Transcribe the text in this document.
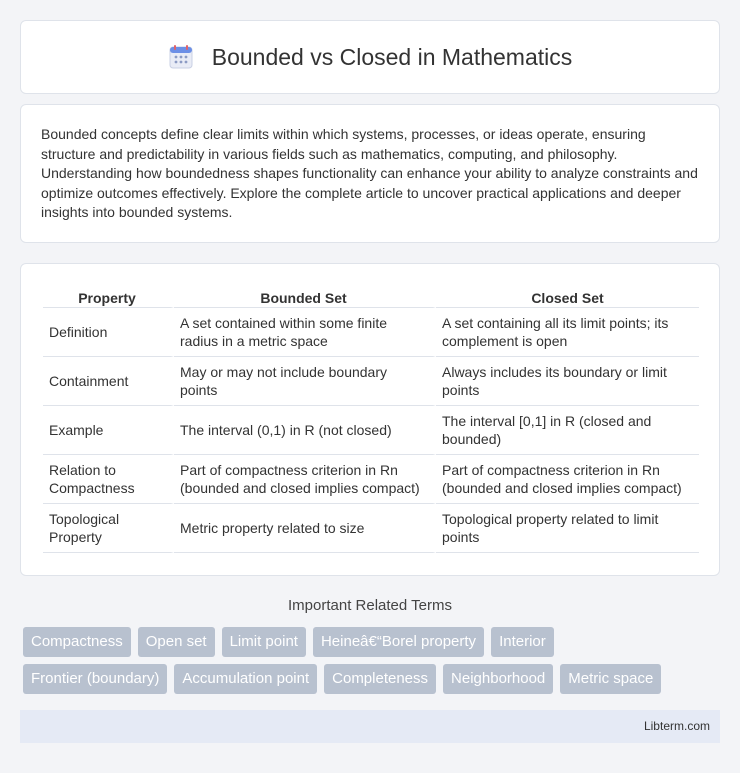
Bounded vs Closed in Mathematics

Bounded concepts define clear limits within which systems, processes, or ideas operate, ensuring structure and predictability in various fields such as mathematics, computing, and philosophy. Understanding how boundedness shapes functionality can enhance your ability to analyze constraints and optimize outcomes effectively. Explore the complete article to uncover practical applications and deeper insights into bounded systems.

Property	Bounded Set	Closed Set
Definition	A set contained within some finite radius in a metric space	A set containing all its limit points; its complement is open
Containment	May or may not include boundary points	Always includes its boundary or limit points
Example	The interval (0,1) in R (not closed)	The interval [0,1] in R (closed and bounded)
Relation to Compactness	Part of compactness criterion in Rn (bounded and closed implies compact)	Part of compactness criterion in Rn (bounded and closed implies compact)
Topological Property	Metric property related to size	Topological property related to limit points
Important Related Terms
Compactness	Open set	Limit point	Heineâ€“Borel property	Interior
Frontier (boundary)	Accumulation point	Completeness	Neighborhood	Metric space
Libterm.com
